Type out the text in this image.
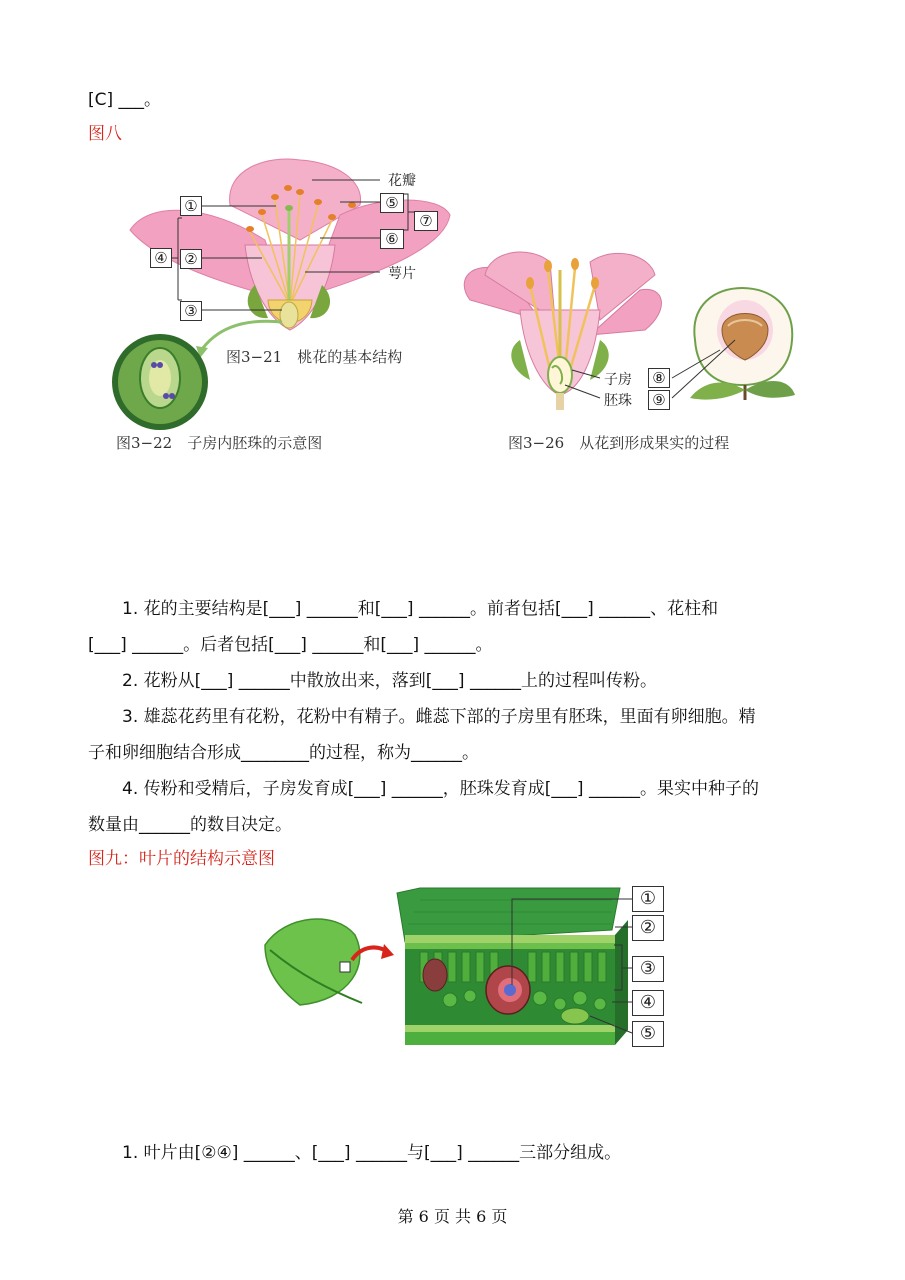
[C] ___。
图八
①
②
③
④
⑤
⑥
⑦
花瓣
萼片
图3−21　桃花的基本结构
图3−22　子房内胚珠的示意图
子房
胚珠
⑧
⑨
图3−26　从花到形成果实的过程
1. 花的主要结构是[___] ______和[___] ______。前者包括[___] ______、花柱和
[___] ______。后者包括[___] ______和[___] ______。
2. 花粉从[___] ______中散放出来，落到[___] ______上的过程叫传粉。
3. 雄蕊花药里有花粉，花粉中有精子。雌蕊下部的子房里有胚珠，里面有卵细胞。精
子和卵细胞结合形成________的过程，称为______。
4. 传粉和受精后，子房发育成[___] ______，胚珠发育成[___] ______。果实中种子的
数量由______的数目决定。
图九：叶片的结构示意图
①
②
③
④
⑤
1. 叶片由[②④] ______、[___] ______与[___] ______三部分组成。
第 6 页 共 6 页
